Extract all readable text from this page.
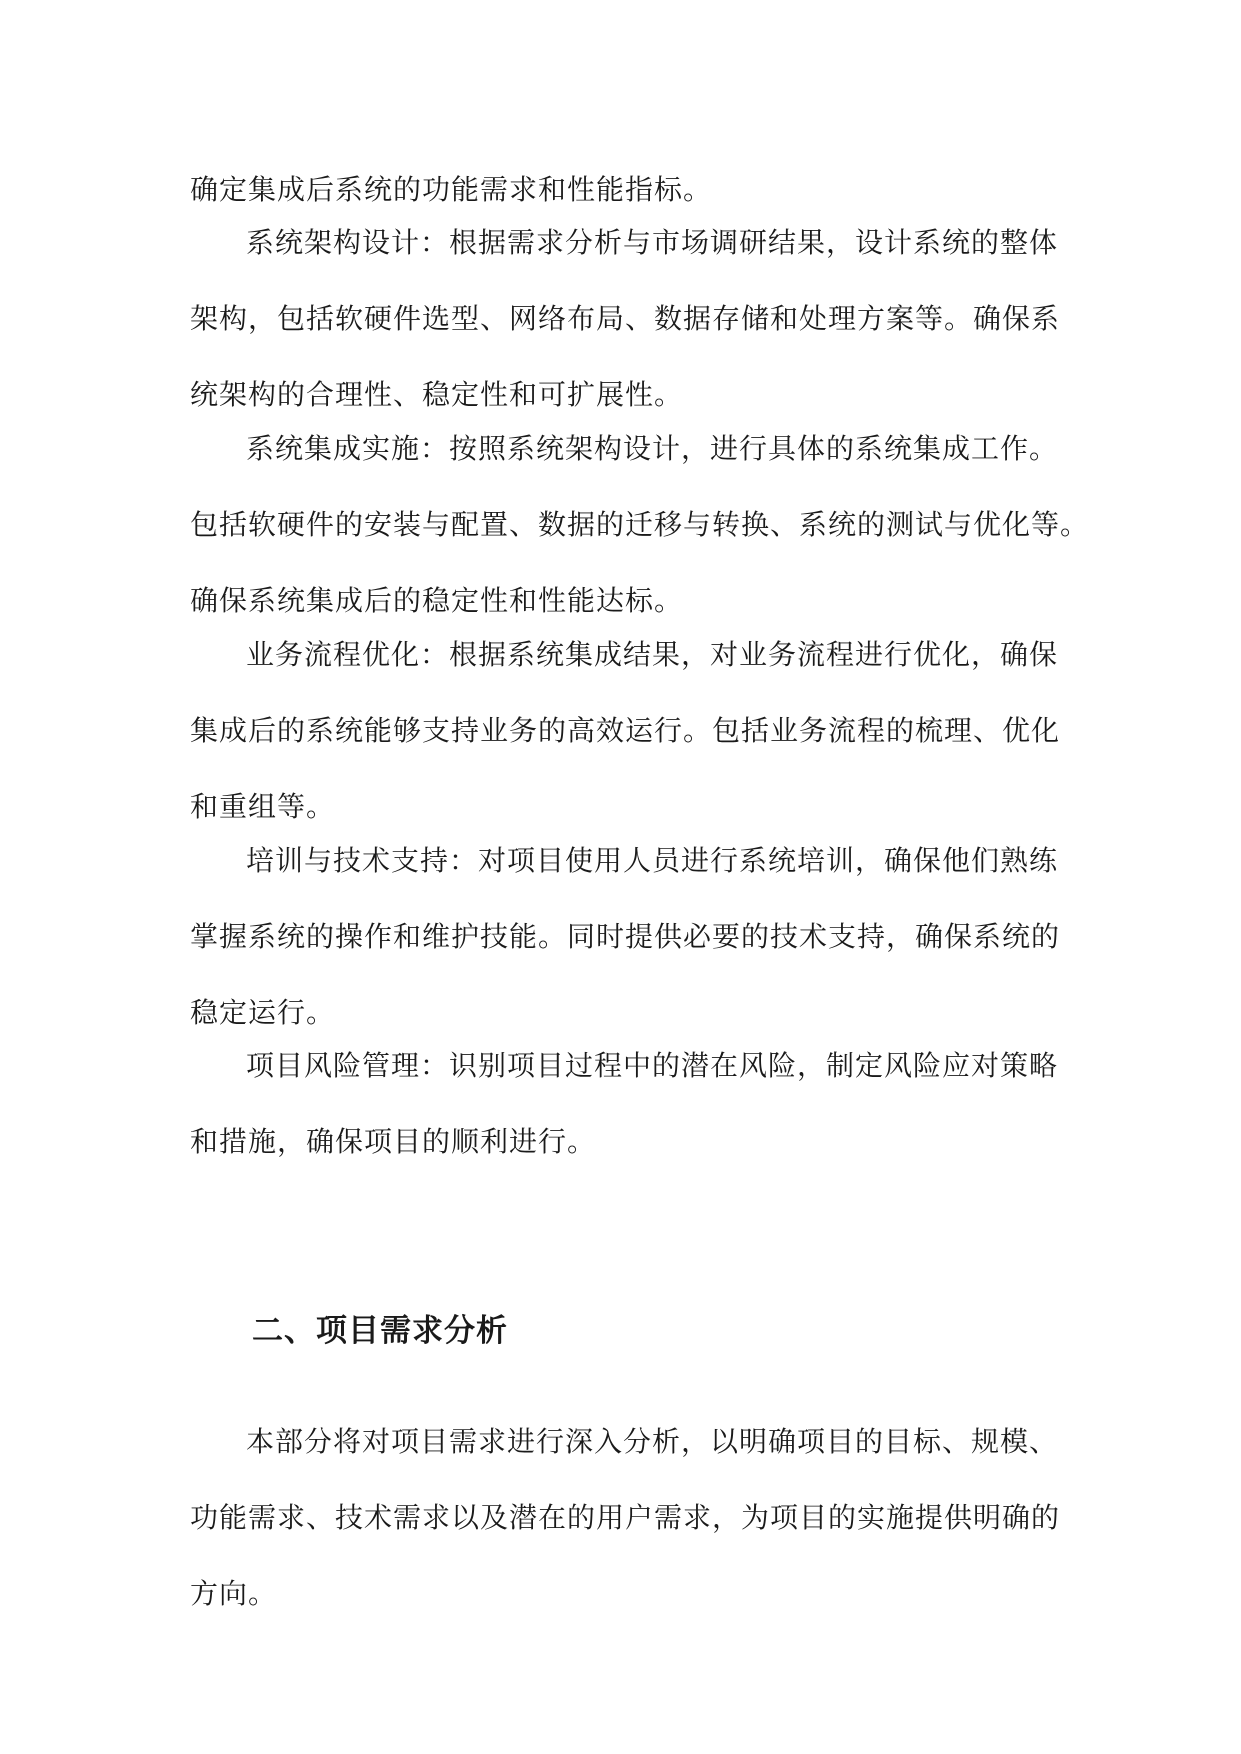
确定集成后系统的功能需求和性能指标。

系统架构设计：根据需求分析与市场调研结果，设计系统的整体
架构，包括软硬件选型、网络布局、数据存储和处理方案等。确保系
统架构的合理性、稳定性和可扩展性。

系统集成实施：按照系统架构设计，进行具体的系统集成工作。
包括软硬件的安装与配置、数据的迁移与转换、系统的测试与优化等。
确保系统集成后的稳定性和性能达标。

业务流程优化：根据系统集成结果，对业务流程进行优化，确保
集成后的系统能够支持业务的高效运行。包括业务流程的梳理、优化
和重组等。

培训与技术支持：对项目使用人员进行系统培训，确保他们熟练
掌握系统的操作和维护技能。同时提供必要的技术支持，确保系统的
稳定运行。

项目风险管理：识别项目过程中的潜在风险，制定风险应对策略
和措施，确保项目的顺利进行。

二、项目需求分析

本部分将对项目需求进行深入分析，以明确项目的目标、规模、
功能需求、技术需求以及潜在的用户需求，为项目的实施提供明确的
方向。
